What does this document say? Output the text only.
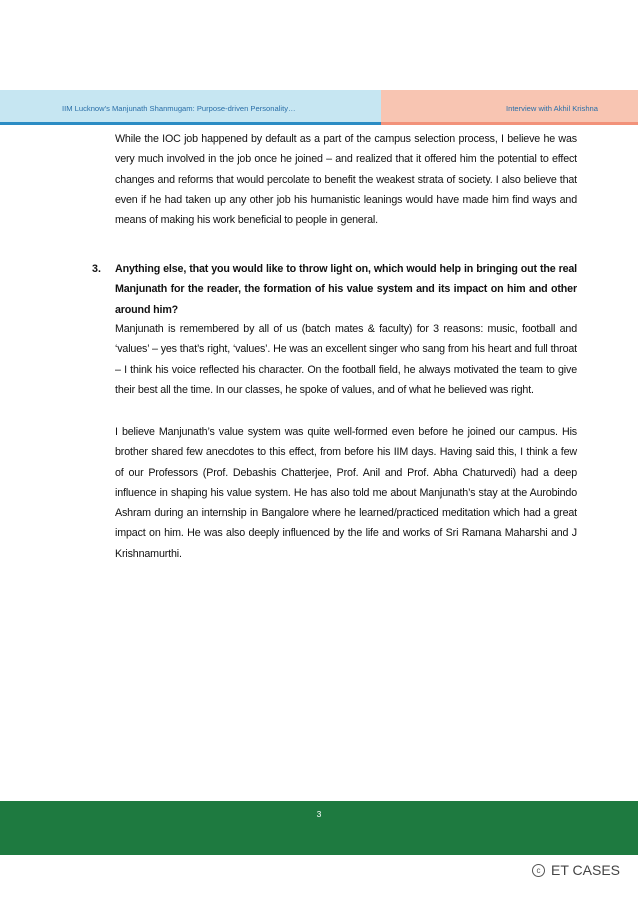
IIM Lucknow's Manjunath Shanmugam: Purpose-driven Personality…	Interview with Akhil Krishna

While the IOC job happened by default as a part of the campus selection process, I believe he was very much involved in the job once he joined – and realized that it offered him the potential to effect changes and reforms that would percolate to benefit the weakest strata of society. I also believe that even if he had taken up any other job his humanistic leanings would have made him find ways and means of making his work beneficial to people in general.

3. Anything else, that you would like to throw light on, which would help in bringing out the real Manjunath for the reader, the formation of his value system and its impact on him and other around him?

Manjunath is remembered by all of us (batch mates & faculty) for 3 reasons: music, football and ‘values’ – yes that’s right, ‘values’. He was an excellent singer who sang from his heart and full throat – I think his voice reflected his character. On the football field, he always motivated the team to give their best all the time. In our classes, he spoke of values, and of what he believed was right.

I believe Manjunath’s value system was quite well-formed even before he joined our campus. His brother shared few anecdotes to this effect, from before his IIM days. Having said this, I think a few of our Professors (Prof. Debashis Chatterjee, Prof. Anil and Prof. Abha Chaturvedi) had a deep influence in shaping his value system. He has also told me about Manjunath’s stay at the Aurobindo Ashram during an internship in Bangalore where he learned/practiced meditation which had a great impact on him. He was also deeply influenced by the life and works of Sri Ramana Maharshi and J Krishnamurthi.

3
c ET CASES
